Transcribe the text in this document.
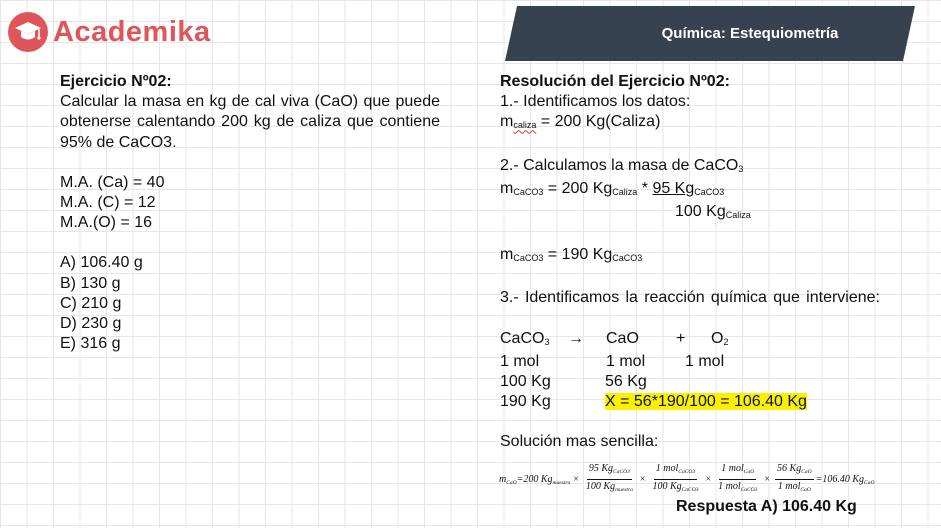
Academika	Química: Estequiometría
Ejercicio Nº02:
Calcular la masa en kg de cal viva (CaO) que puede obtenerse calentando 200 kg de caliza que contiene 95% de CaCO3.
M.A. (Ca) = 40
M.A. (C) = 12
M.A.(O) = 16
A) 106.40 g
B) 130 g
C) 210 g
D) 230 g
E) 316 g
Resolución del Ejercicio Nº02:
1.- Identificamos los datos:
$m_{caliza} = 200$ Kg(Caliza)
2.- Calculamos la masa de CaCO$_3$
$m_{CaCO3} = 200$ $Kg_{Caliza} * 95$ $Kg_{CaCO3}$
100 $Kg_{Caliza}$
$m_{CaCO3} = 190$ $Kg_{CaCO3}$
3.- Identificamos la reacción química que interviene:
CaCO$_3$	→	CaO	+	$O_2$
1 mol	1 mol	1 mol
100 Kg	56 Kg
190 Kg	X = 56*190/100 = 106.40 Kg
Solución mas sencilla:
$m_{CaO} =200$ $Kg_{muestra} \times \frac{95 Kg_{CaCO3}}{100 Kg_{muestra}} \times \frac{1 mol_{CaCO3}}{100 Kg_{CaCO3}} \times \frac{1 mol_{CaO}}{1 mol_{CaCO3}} \times \frac{56 Kg_{CaO}}{1 mol_{CaO}} =106.40$ $Kg_{CaO}$
Respuesta A) 106.40 Kg
